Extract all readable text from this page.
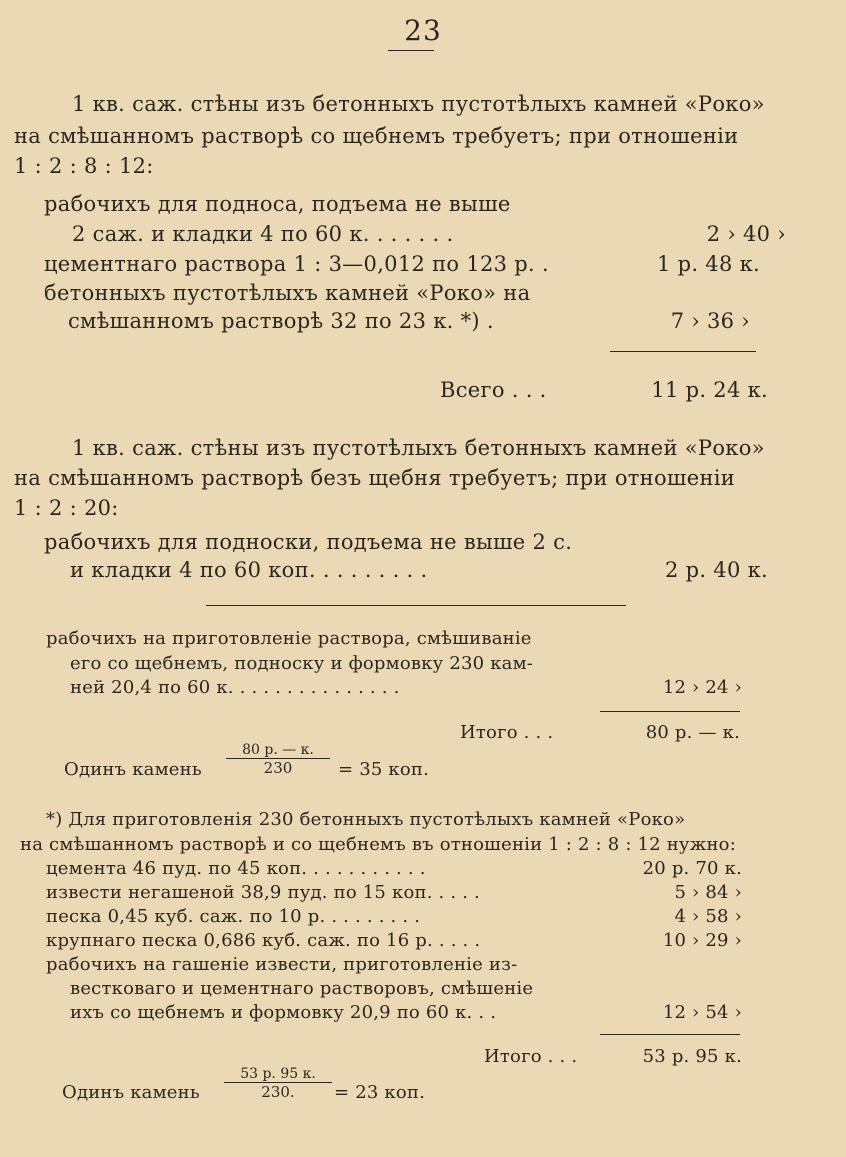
23
1 кв. саж. стѣны изъ бетонныхъ пустотѣлыхъ камней «Роко»
на смѣшанномъ растворѣ со щебнемъ требуетъ; при отношеніи
1 : 2 : 8 : 12:
рабочихъ для подноса, подъема не выше
2 саж. и кладки 4 по 60 к. . . . . . .	2 › 40 ›
цементнаго раствора 1 : 3—0,012 по 123 р. .	1 р. 48 к.
бетонныхъ пустотѣлыхъ камней «Роко» на
смѣшанномъ растворѣ 32 по 23 к. *) .	7 › 36 ›
Всего . . .	11 р. 24 к.
1 кв. саж. стѣны изъ пустотѣлыхъ бетонныхъ камней «Роко»
на смѣшанномъ растворѣ безъ щебня требуетъ; при отношеніи
1 : 2 : 20:
рабочихъ для подноски, подъема не выше 2 с.
и кладки 4 по 60 коп. . . . . . . . .	2 р. 40 к.
рабочихъ на приготовленіе раствора, смѣшиваніе
его со щебнемъ, подноску и формовку 230 кам-
ней 20,4 по 60 к. . . . . . . . . . . . . . .	12 › 24 ›
Итого . . .	80 р. — к.
Одинъ камень
80 р. — к.
230	= 35 коп.
*) Для приготовленія 230 бетонныхъ пустотѣлыхъ камней «Роко»
на смѣшанномъ растворѣ и со щебнемъ въ отношеніи 1 : 2 : 8 : 12 нужно:
цемента 46 пуд. по 45 коп. . . . . . . . . . .	20 р. 70 к.
извести негашеной 38,9 пуд. по 15 коп. . . . .	5 › 84 ›
песка 0,45 куб. саж. по 10 р. . . . . . . . .	4 › 58 ›
крупнаго песка 0,686 куб. саж. по 16 р. . . . .	10 › 29 ›
рабочихъ на гашеніе извести, приготовленіе из-
вестковаго и цементнаго растворовъ, смѣшеніе
ихъ со щебнемъ и формовку 20,9 по 60 к. . .	12 › 54 ›
Итого . . .	53 р. 95 к.
Одинъ камень
53 р. 95 к.
230.	= 23 коп.
